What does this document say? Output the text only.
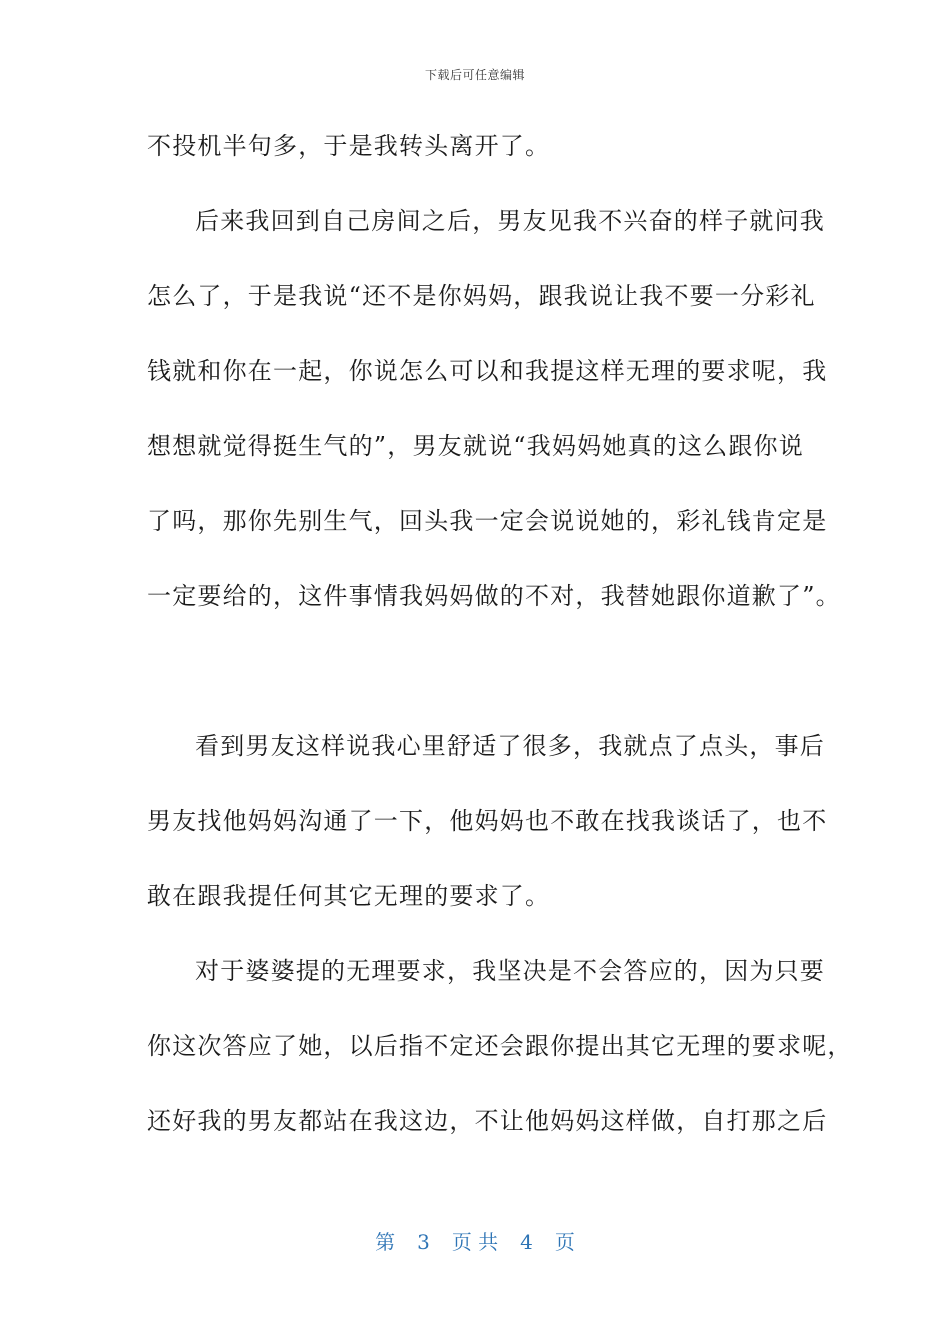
下载后可任意编辑
不投机半句多，于是我转头离开了。
后来我回到自己房间之后，男友见我不兴奋的样子就问我
怎么了，于是我说“还不是你妈妈，跟我说让我不要一分彩礼
钱就和你在一起，你说怎么可以和我提这样无理的要求呢，我
想想就觉得挺生气的”，男友就说“我妈妈她真的这么跟你说
了吗，那你先别生气，回头我一定会说说她的，彩礼钱肯定是
一定要给的，这件事情我妈妈做的不对，我替她跟你道歉了”。
看到男友这样说我心里舒适了很多，我就点了点头，事后
男友找他妈妈沟通了一下，他妈妈也不敢在找我谈话了，也不
敢在跟我提任何其它无理的要求了。
对于婆婆提的无理要求，我坚决是不会答应的，因为只要
你这次答应了她，以后指不定还会跟你提出其它无理的要求呢，
还好我的男友都站在我这边，不让他妈妈这样做，自打那之后
第 3 页 共 4 页
